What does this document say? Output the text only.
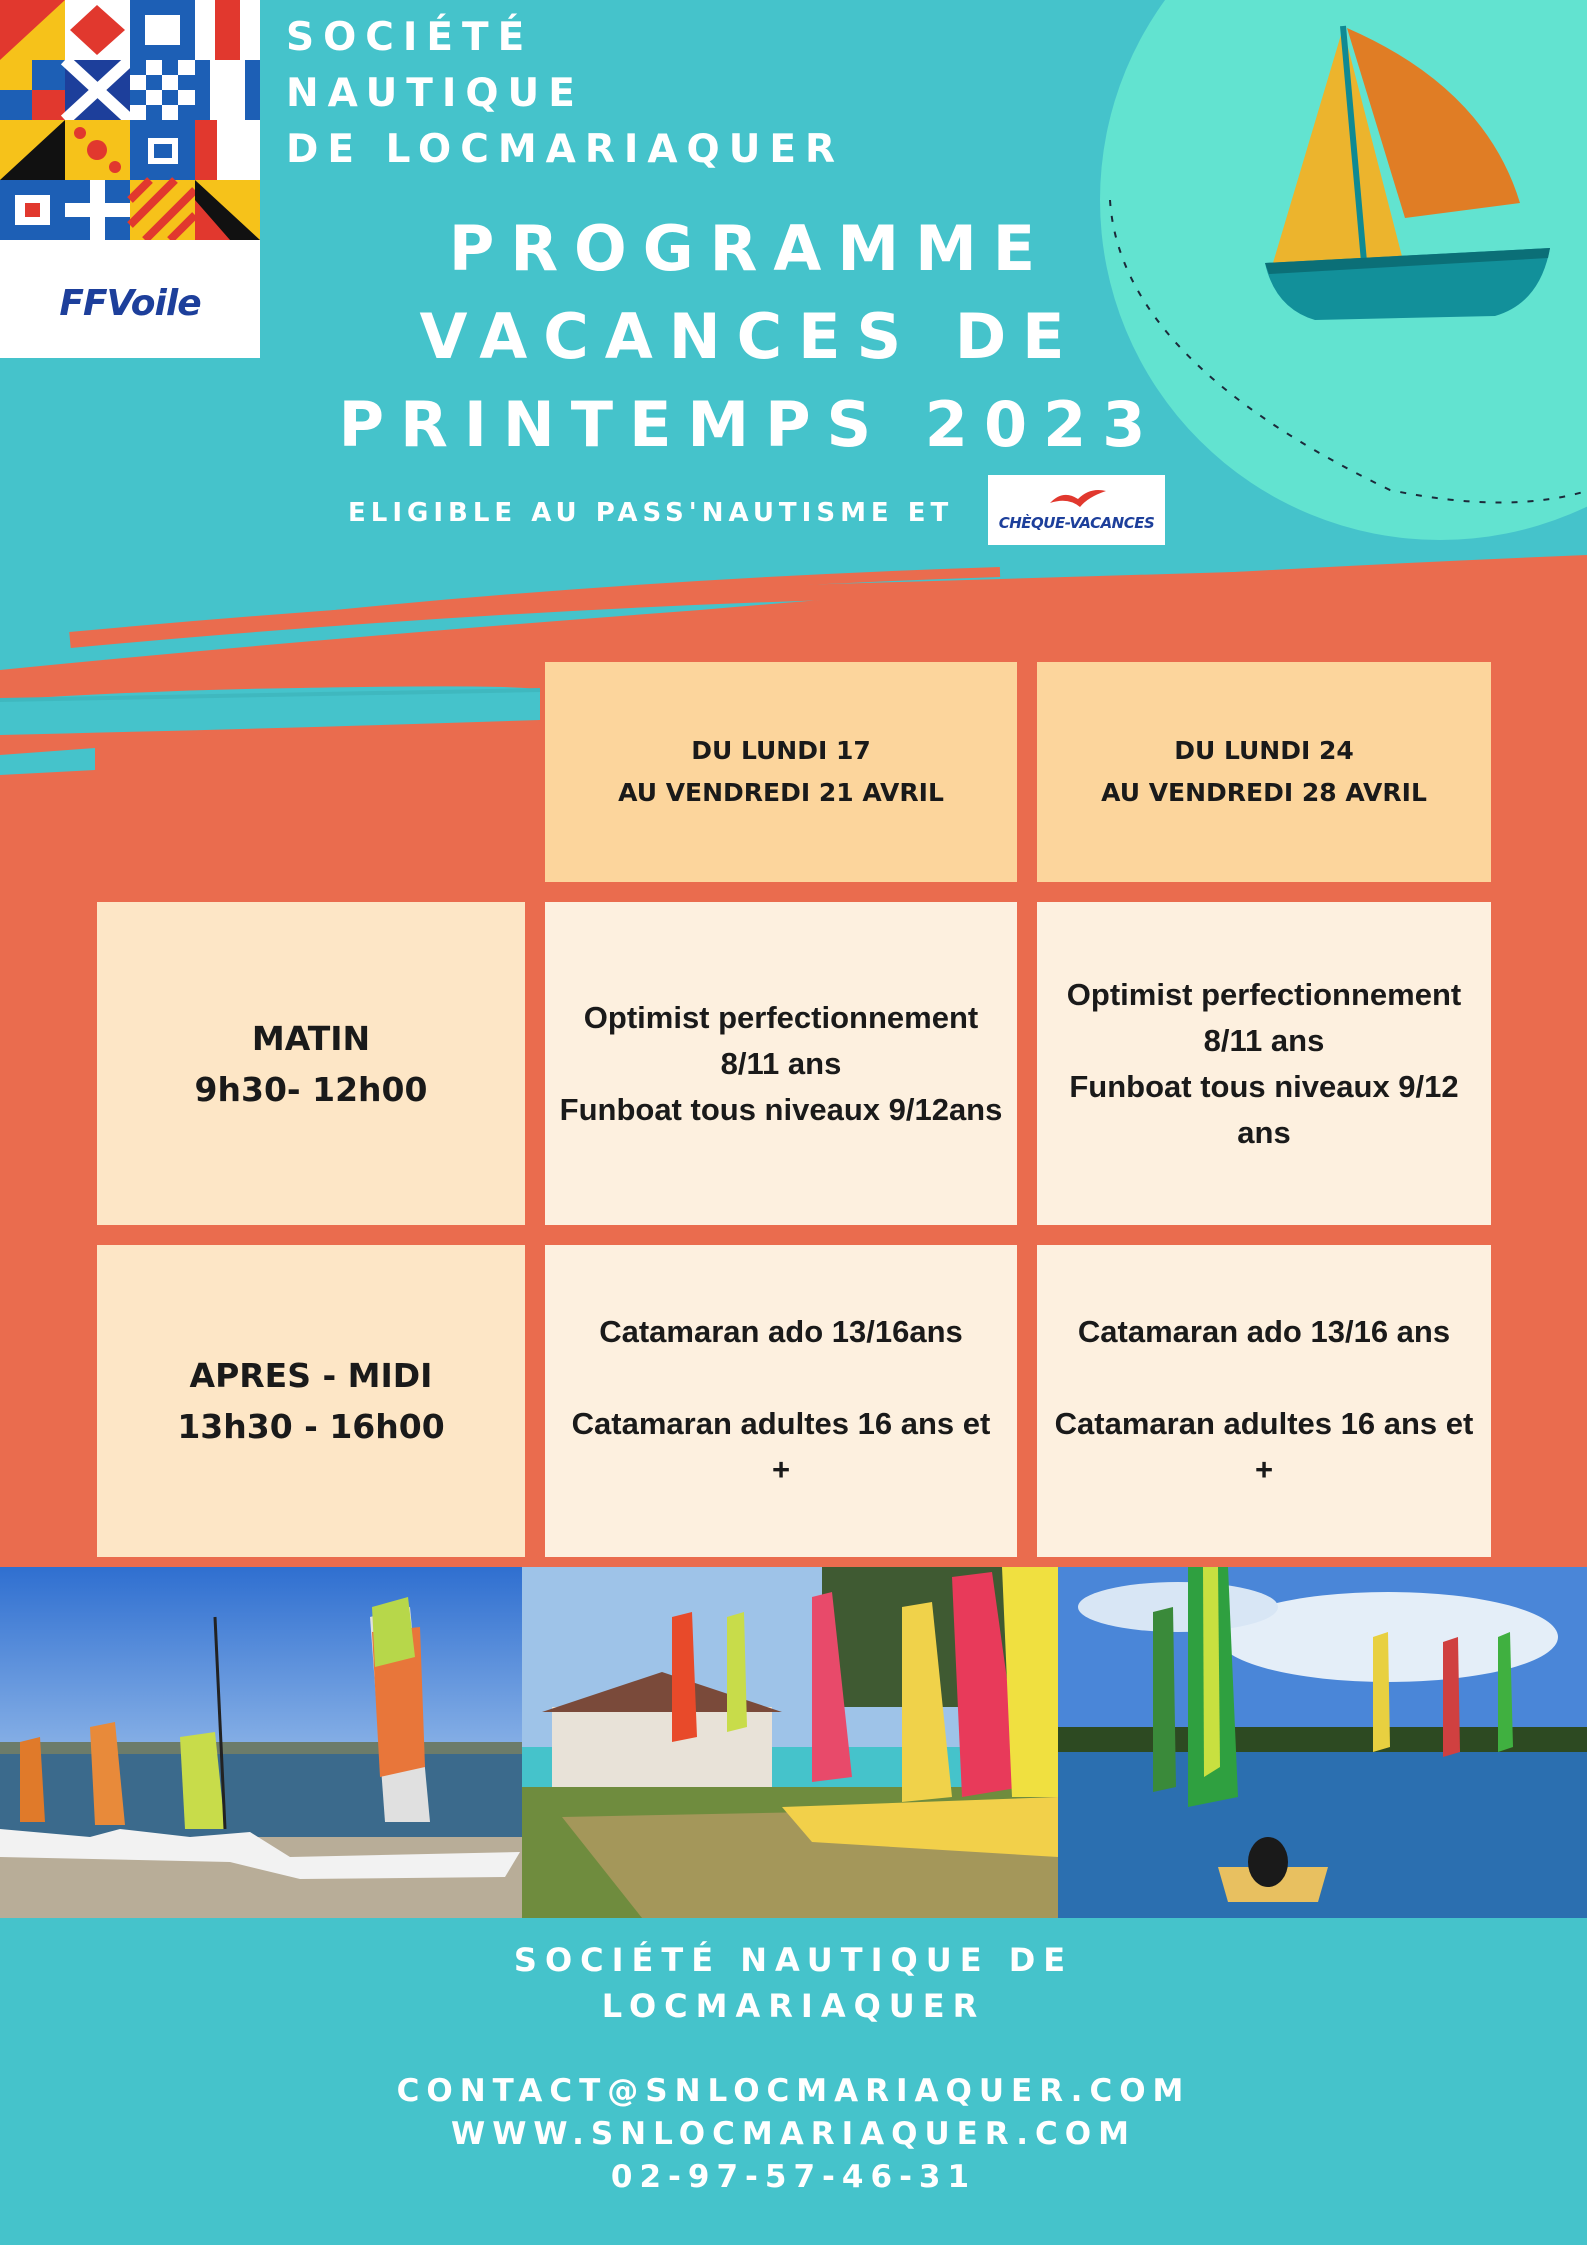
FFVoile
SOCIÉTÉ
NAUTIQUE
DE LOCMARIAQUER
PROGRAMME
VACANCES DE
PRINTEMPS 2023
ELIGIBLE AU PASS'NAUTISME ET	CHÈQUE-VACANCES
DU LUNDI 17
AU VENDREDI 21 AVRIL
DU LUNDI 24
AU VENDREDI 28 AVRIL
MATIN
9h30- 12h00
Optimist perfectionnement 8/11 ans
Funboat tous niveaux 9/12ans
Optimist perfectionnement 8/11 ans
Funboat tous niveaux 9/12 ans
APRES - MIDI
13h30 - 16h00
Catamaran ado 13/16ans

Catamaran adultes 16 ans et +
Catamaran ado 13/16 ans

Catamaran adultes 16 ans et +
SOCIÉTÉ NAUTIQUE DE
LOCMARIAQUER
CONTACT@SNLOCMARIAQUER.COM
WWW.SNLOCMARIAQUER.COM
02-97-57-46-31
